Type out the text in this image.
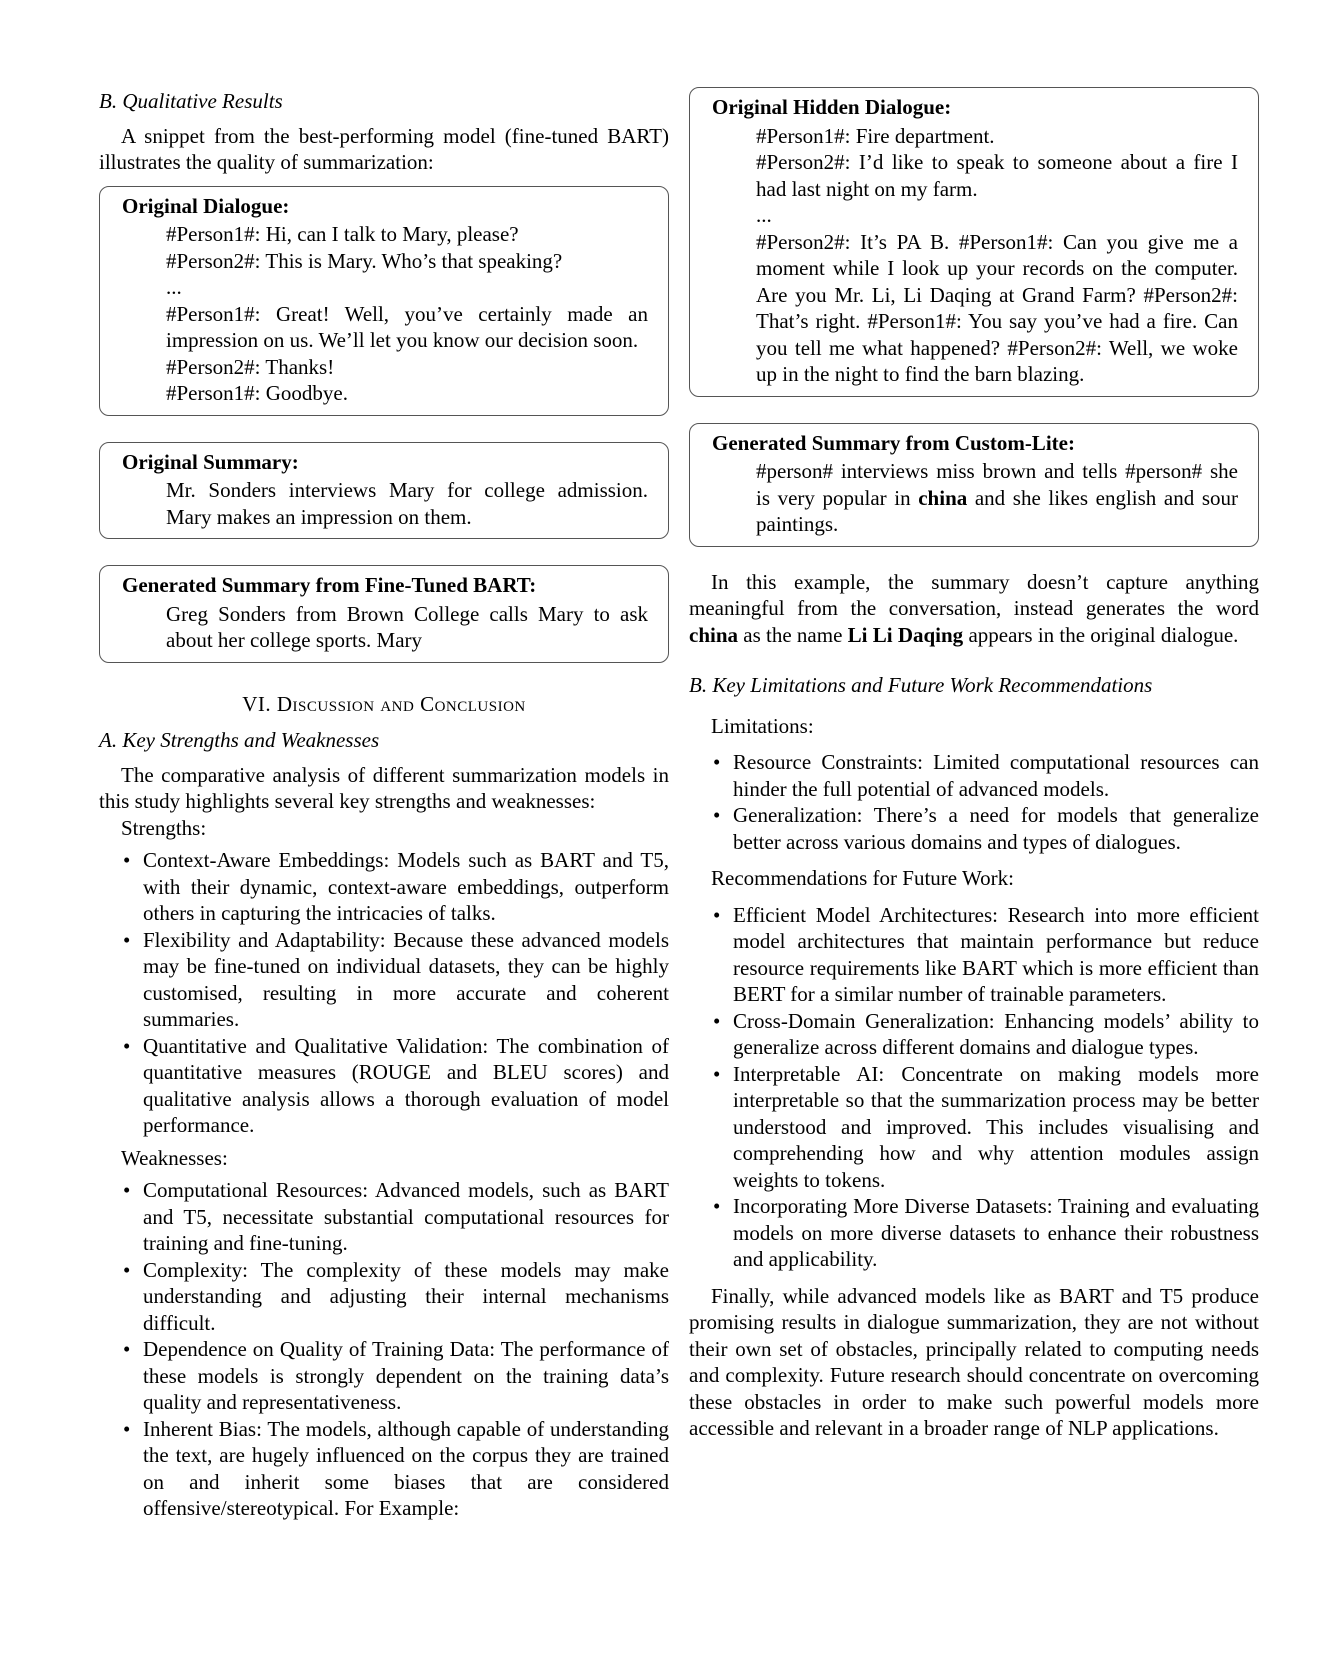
B. Qualitative Results

A snippet from the best-performing model (fine-tuned BART) illustrates the quality of summarization:

Original Dialogue:

#Person1#: Hi, can I talk to Mary, please?

#Person2#: This is Mary. Who’s that speaking?

...

#Person1#: Great! Well, you’ve certainly made an impression on us. We’ll let you know our decision soon.

#Person2#: Thanks!

#Person1#: Goodbye.

Original Summary:

Mr. Sonders interviews Mary for college admission. Mary makes an impression on them.

Generated Summary from Fine-Tuned BART:

Greg Sonders from Brown College calls Mary to ask about her college sports. Mary

VI. Discussion and Conclusion

A. Key Strengths and Weaknesses

The comparative analysis of different summarization models in this study highlights several key strengths and weaknesses:

Strengths:

• Context-Aware Embeddings: Models such as BART and T5, with their dynamic, context-aware embeddings, outperform others in capturing the intricacies of talks.
• Flexibility and Adaptability: Because these advanced models may be fine-tuned on individual datasets, they can be highly customised, resulting in more accurate and coherent summaries.
• Quantitative and Qualitative Validation: The combination of quantitative measures (ROUGE and BLEU scores) and qualitative analysis allows a thorough evaluation of model performance.

Weaknesses:

• Computational Resources: Advanced models, such as BART and T5, necessitate substantial computational resources for training and fine-tuning.
• Complexity: The complexity of these models may make understanding and adjusting their internal mechanisms difficult.
• Dependence on Quality of Training Data: The performance of these models is strongly dependent on the training data’s quality and representativeness.
• Inherent Bias: The models, although capable of understanding the text, are hugely influenced on the corpus they are trained on and inherit some biases that are considered offensive/stereotypical. For Example:

Original Hidden Dialogue:

#Person1#: Fire department.

#Person2#: I’d like to speak to someone about a fire I had last night on my farm.

...

#Person2#: It’s PA B. #Person1#: Can you give me a moment while I look up your records on the computer. Are you Mr. Li, Li Daqing at Grand Farm? #Person2#: That’s right. #Person1#: You say you’ve had a fire. Can you tell me what happened? #Person2#: Well, we woke up in the night to find the barn blazing.

Generated Summary from Custom-Lite:

#person# interviews miss brown and tells #person# she is very popular in china and she likes english and sour paintings.

In this example, the summary doesn’t capture anything meaningful from the conversation, instead generates the word china as the name Li Li Daqing appears in the original dialogue.

B. Key Limitations and Future Work Recommendations

Limitations:

• Resource Constraints: Limited computational resources can hinder the full potential of advanced models.
• Generalization: There’s a need for models that generalize better across various domains and types of dialogues.

Recommendations for Future Work:

• Efficient Model Architectures: Research into more efficient model architectures that maintain performance but reduce resource requirements like BART which is more efficient than BERT for a similar number of trainable parameters.
• Cross-Domain Generalization: Enhancing models’ ability to generalize across different domains and dialogue types.
• Interpretable AI: Concentrate on making models more interpretable so that the summarization process may be better understood and improved. This includes visualising and comprehending how and why attention modules assign weights to tokens.
• Incorporating More Diverse Datasets: Training and evaluating models on more diverse datasets to enhance their robustness and applicability.

Finally, while advanced models like as BART and T5 produce promising results in dialogue summarization, they are not without their own set of obstacles, principally related to computing needs and complexity. Future research should concentrate on overcoming these obstacles in order to make such powerful models more accessible and relevant in a broader range of NLP applications.
